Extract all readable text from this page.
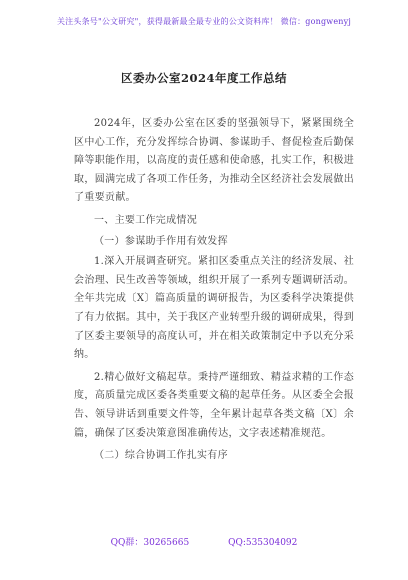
关注头条号"公文研究"，获得最新最全最专业的公文资料库！ 微信：gongwenyj
区委办公室2024年度工作总结

2024年，区委办公室在区委的坚强领导下，紧紧围绕全区中心工作，充分发挥综合协调、参谋助手、督促检查后勤保障等职能作用，以高度的责任感和使命感，扎实工作，积极进取，圆满完成了各项工作任务，为推动全区经济社会发展做出了重要贡献。

一、主要工作完成情况

（一）参谋助手作用有效发挥

1.深入开展调查研究。紧扣区委重点关注的经济发展、社会治理、民生改善等领域，组织开展了一系列专题调研活动。全年共完成〔X〕篇高质量的调研报告，为区委科学决策提供了有力依据。其中，关于我区产业转型升级的调研成果，得到了区委主要领导的高度认可，并在相关政策制定中予以充分采纳。

2.精心做好文稿起草。秉持严谨细致、精益求精的工作态度，高质量完成区委各类重要文稿的起草任务。从区委全会报告、领导讲话到重要文件等，全年累计起草各类文稿〔X〕余篇，确保了区委决策意图准确传达，文字表述精准规范。

（二）综合协调工作扎实有序

QQ群：30265665	QQ:535304092
